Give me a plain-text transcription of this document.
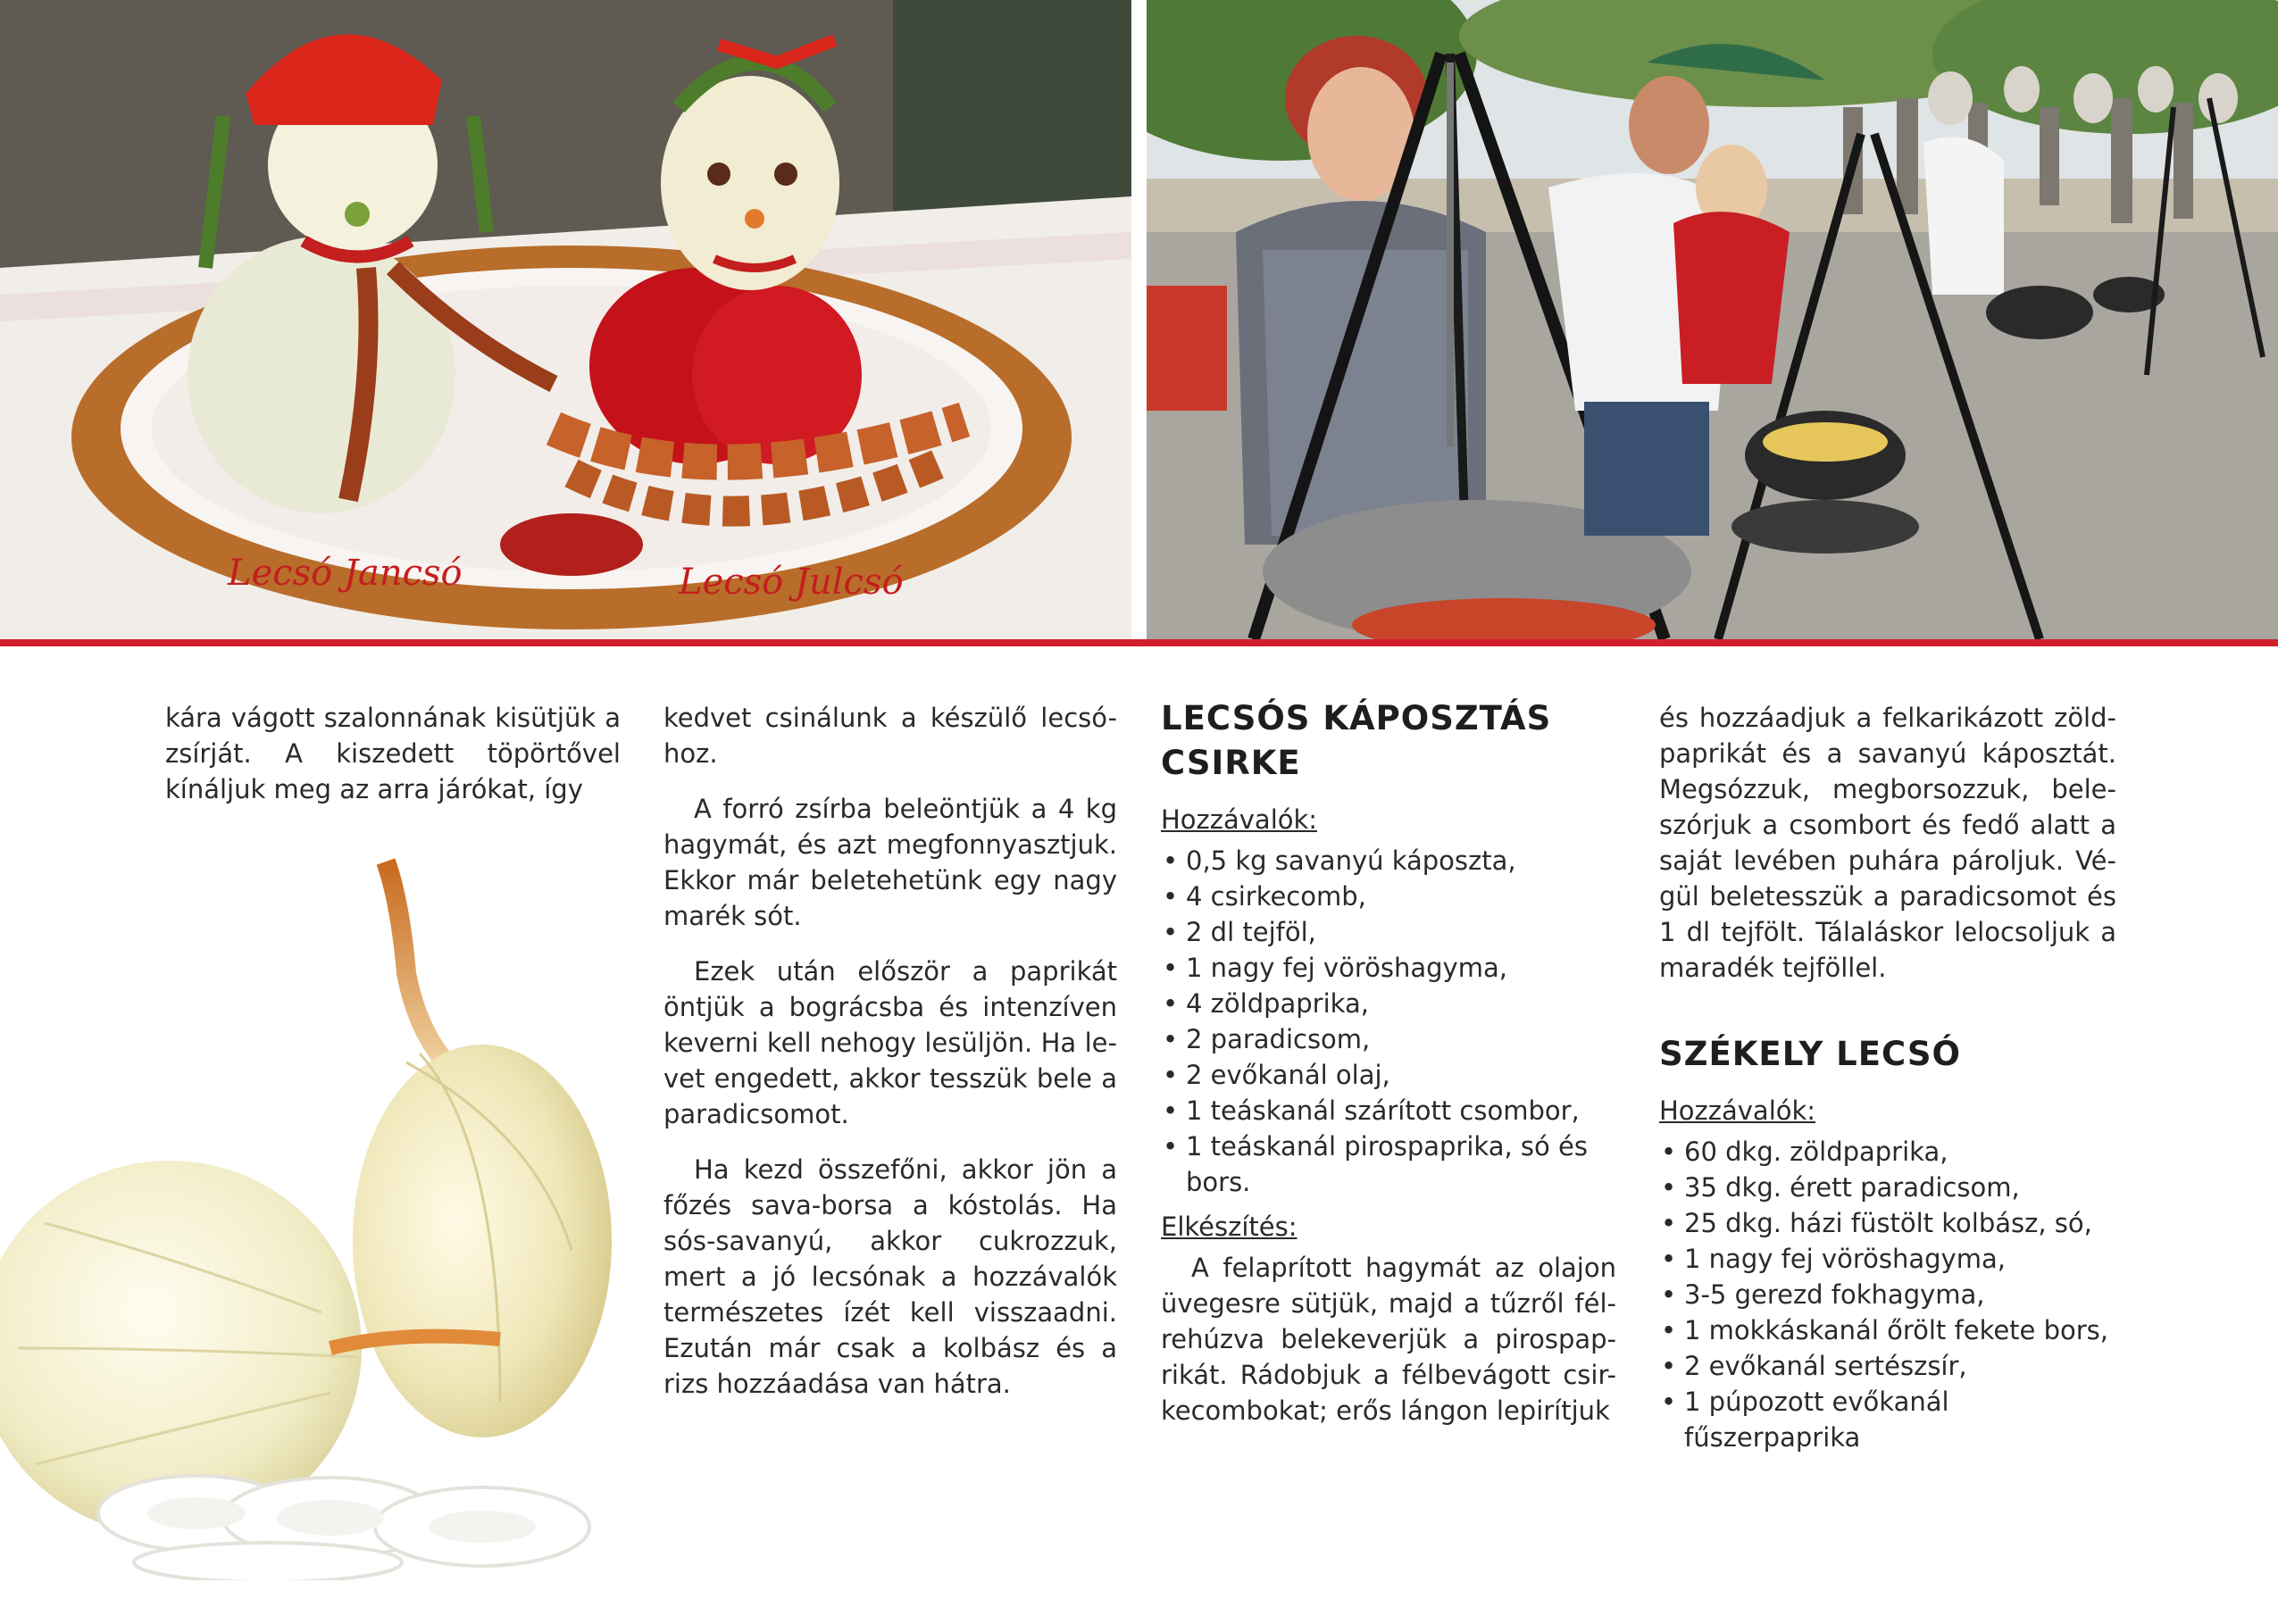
Lecsó Jancsó	Lecsó Julcsó

kára vágott szalonnának kisütjük a zsírját. A kiszedett töpörtővel kínáljuk meg az arra járókat, így

kedvet csinálunk a készülő lecsó-hoz.

A forró zsírba beleöntjük a 4 kg hagymát, és azt megfonnyasztjuk. Ekkor már beletehetünk egy nagy marék sót.

Ezek után először a paprikát öntjük a bográcsba és intenzíven keverni kell nehogy lesüljön. Ha le-vet engedett, akkor tesszük bele a paradicsomot.

Ha kezd összefőni, akkor jön a főzés sava-borsa a kóstolás. Ha sós-savanyú, akkor cukrozzuk, mert a jó lecsónak a hozzávalók természetes ízét kell visszaadni. Ezután már csak a kolbász és a rizs hozzáadása van hátra.

LECSÓS KÁPOSZTÁS CSIRKE
Hozzávalók:
• 0,5 kg savanyú káposzta,
• 4 csirkecomb,
• 2 dl tejföl,
• 1 nagy fej vöröshagyma,
• 4 zöldpaprika,
• 2 paradicsom,
• 2 evőkanál olaj,
• 1 teáskanál szárított csombor,
• 1 teáskanál pirospaprika, só és bors.
Elkészítés:

A felaprított hagymát az olajon üvegesre sütjük, majd a tűzről fél-rehúzva belekeverjük a pirospap-rikát. Rádobjuk a félbevágott csir-kecombokat; erős lángon lepirítjuk

és hozzáadjuk a felkarikázott zöld-paprikát és a savanyú káposztát. Megsózzuk, megborsozzuk, bele-szórjuk a csombort és fedő alatt a saját levében puhára pároljuk. Vé-gül beletesszük a paradicsomot és 1 dl tejfölt. Tálaláskor lelocsoljuk a maradék tejföllel.

SZÉKELY LECSÓ
Hozzávalók:
• 60 dkg. zöldpaprika,
• 35 dkg. érett paradicsom,
• 25 dkg. házi füstölt kolbász, só,
• 1 nagy fej vöröshagyma,
• 3-5 gerezd fokhagyma,
• 1 mokkáskanál őrölt fekete bors,
• 2 evőkanál sertészsír,
• 1 púpozott evőkanál fűszerpaprika
